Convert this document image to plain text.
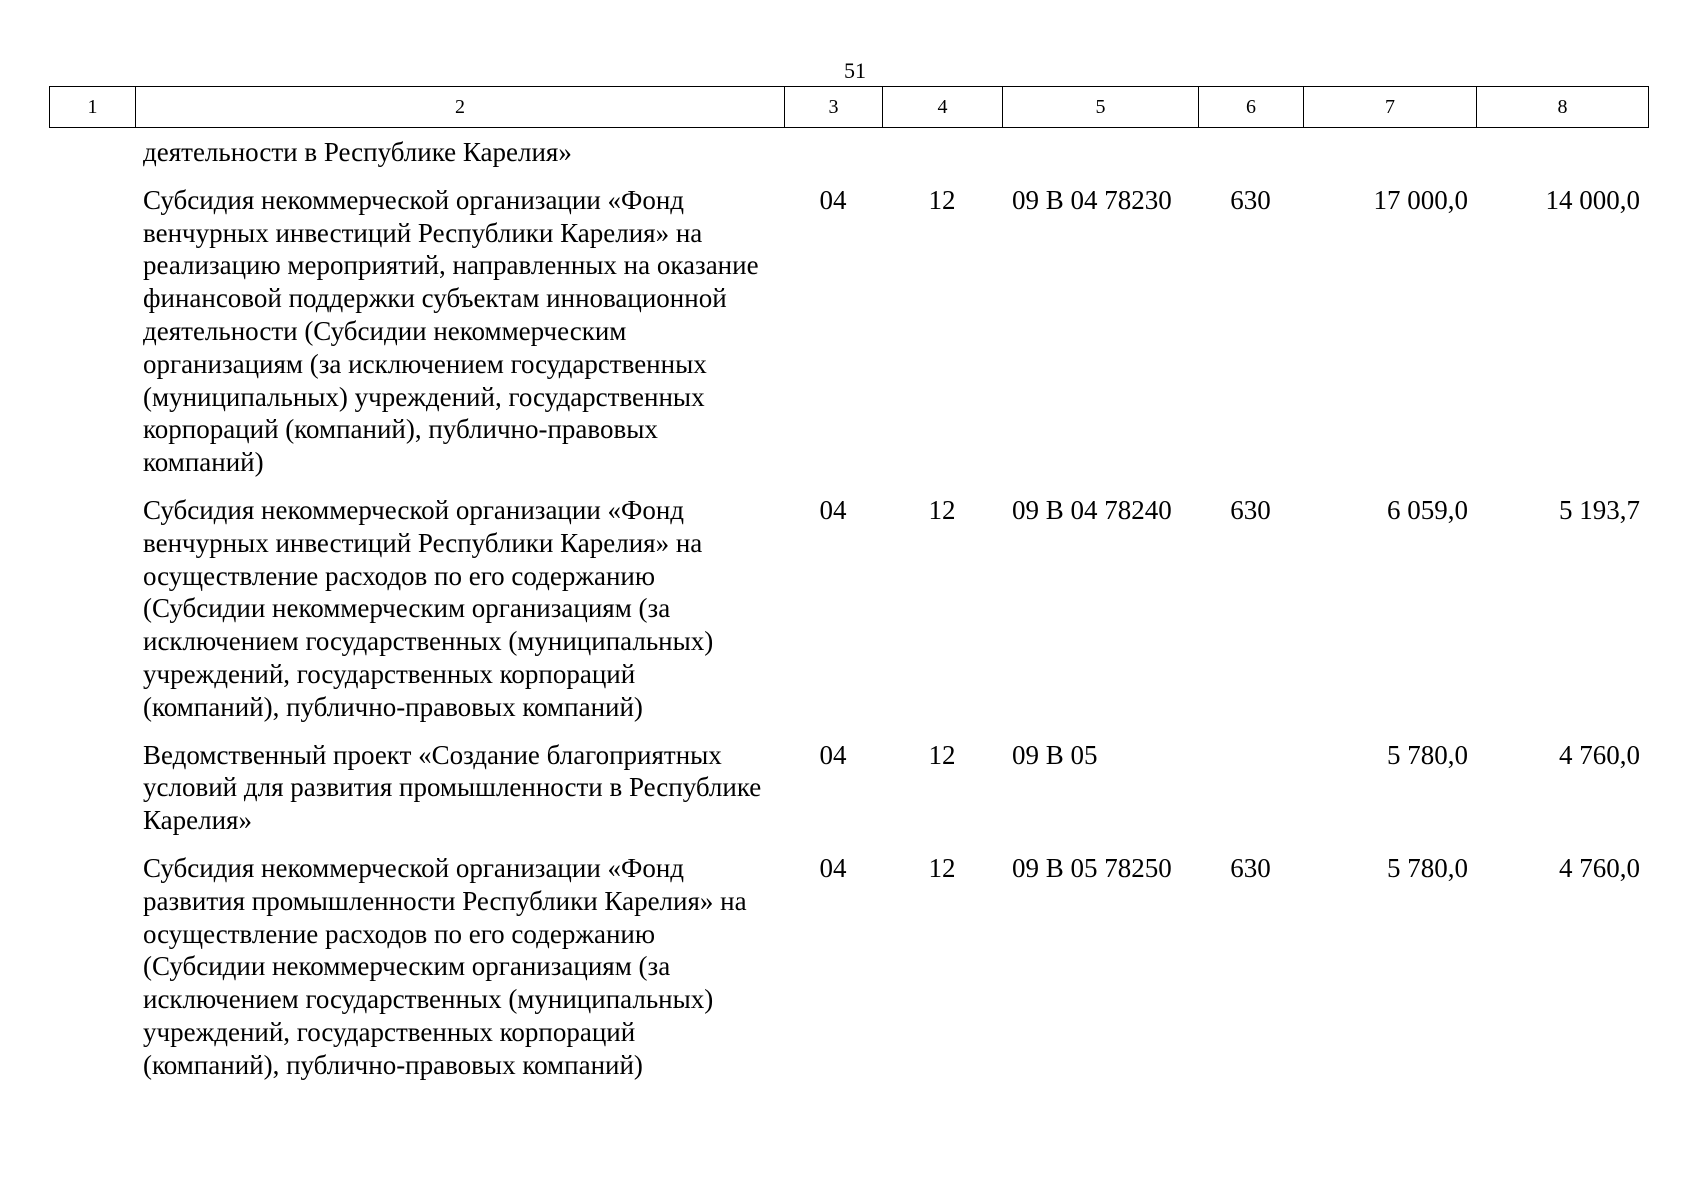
51
1	2	3	4	5	6	7	8
деятельности в Республике Карелия»						
Субсидия некоммерческой организации «Фонд венчурных инвестиций Республики Карелия» на реализацию мероприятий, направленных на оказание финансовой поддержки субъектам инновационной деятельности (Субсидии некоммерческим организациям (за исключением государственных (муниципальных) учреждений, государственных корпораций (компаний), публично-правовых компаний)	04	12	09 В 04 78230	630	17 000,0	14 000,0
Субсидия некоммерческой организации «Фонд венчурных инвестиций Республики Карелия» на осуществление расходов по его содержанию (Субсидии некоммерческим организациям (за исключением государственных (муниципальных) учреждений, государственных корпораций (компаний), публично-правовых компаний)	04	12	09 В 04 78240	630	6 059,0	5 193,7
Ведомственный проект «Создание благоприятных условий для развития промышленности в Республике Карелия»	04	12	09 В 05		5 780,0	4 760,0
Субсидия некоммерческой организации «Фонд развития промышленности Республики Карелия» на осуществление расходов по его содержанию (Субсидии некоммерческим организациям (за исключением государственных (муниципальных) учреждений, государственных корпораций (компаний), публично-правовых компаний)	04	12	09 В 05 78250	630	5 780,0	4 760,0
